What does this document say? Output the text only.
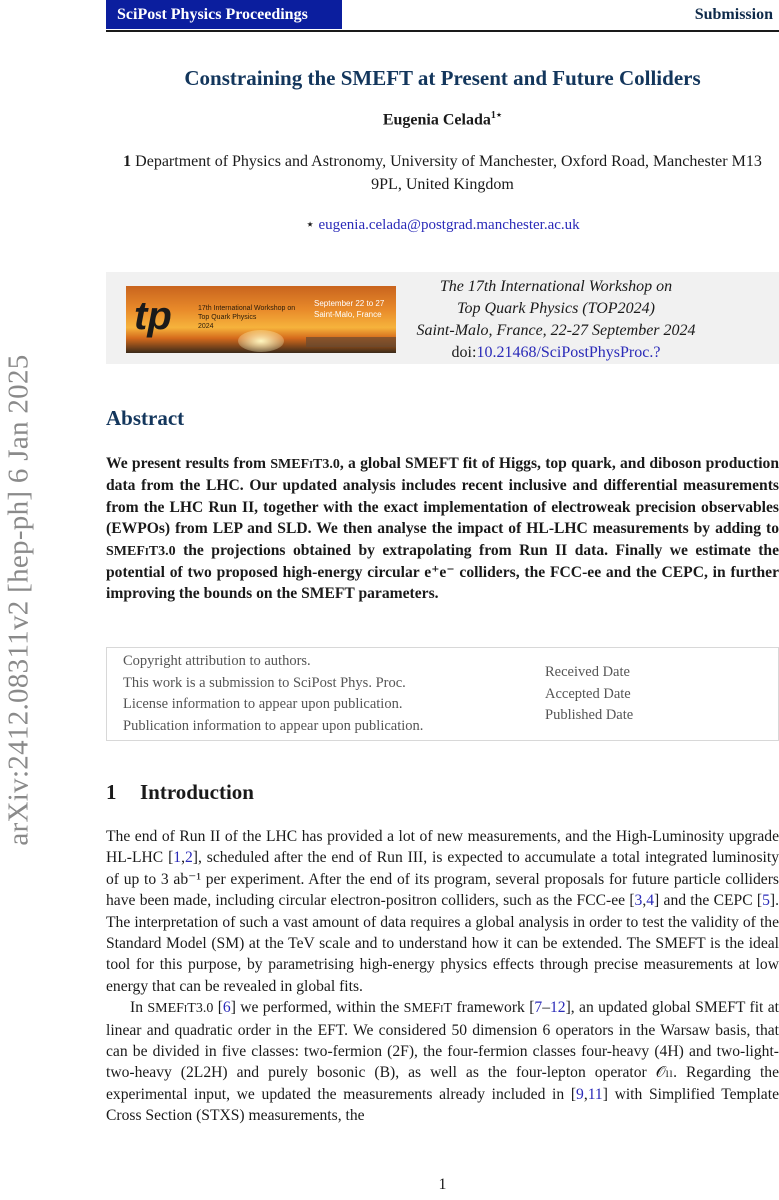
arXiv:2412.08311v2 [hep-ph] 6 Jan 2025
SciPost Physics Proceedings	Submission
Constraining the SMEFT at Present and Future Colliders
Eugenia Celada$^{1⋆}$
1 Department of Physics and Astronomy, University of Manchester, Oxford Road, Manchester M13 9PL, United Kingdom
⋆ eugenia.celada@postgrad.manchester.ac.uk
tp	17th International Workshop on
Top Quark Physics
2024
September 22 to 27
Saint-Malo, France
The 17th International Workshop on
Top Quark Physics (TOP2024)
Saint-Malo, France, 22-27 September 2024
doi:10.21468/SciPostPhysProc.?
Abstract
We present results from SMEFiT3.0, a global SMEFT fit of Higgs, top quark, and diboson production data from the LHC. Our updated analysis includes recent inclusive and differential measurements from the LHC Run II, together with the exact implementation of electroweak precision observables (EWPOs) from LEP and SLD. We then analyse the impact of HL-LHC measurements by adding to SMEFiT3.0 the projections obtained by extrapolating from Run II data. Finally we estimate the potential of two proposed high-energy circular e⁺e⁻ colliders, the FCC-ee and the CEPC, in further improving the bounds on the SMEFT parameters.
Copyright attribution to authors.
This work is a submission to SciPost Phys. Proc.
License information to appear upon publication.
Publication information to appear upon publication.
Received Date
Accepted Date
Published Date
1 Introduction

The end of Run II of the LHC has provided a lot of new measurements, and the High-Luminosity upgrade HL-LHC [1,2], scheduled after the end of Run III, is expected to accumulate a total integrated luminosity of up to 3 ab⁻¹ per experiment. After the end of its program, several proposals for future particle colliders have been made, including circular electron-positron colliders, such as the FCC-ee [3,4] and the CEPC [5]. The interpretation of such a vast amount of data requires a global analysis in order to test the validity of the Standard Model (SM) at the TeV scale and to understand how it can be extended. The SMEFT is the ideal tool for this purpose, by parametrising high-energy physics effects through precise measurements at low energy that can be revealed in global fits.

In SMEFiT3.0 [6] we performed, within the SMEFiT framework [7–12], an updated global SMEFT fit at linear and quadratic order in the EFT. We considered 50 dimension 6 operators in the Warsaw basis, that can be divided in five classes: two-fermion (2F), the four-fermion classes four-heavy (4H) and two-light-two-heavy (2L2H) and purely bosonic (B), as well as the four-lepton operator 𝒪ₗₗ. Regarding the experimental input, we updated the measurements already included in [9,11] with Simplified Template Cross Section (STXS) measurements, the

1
